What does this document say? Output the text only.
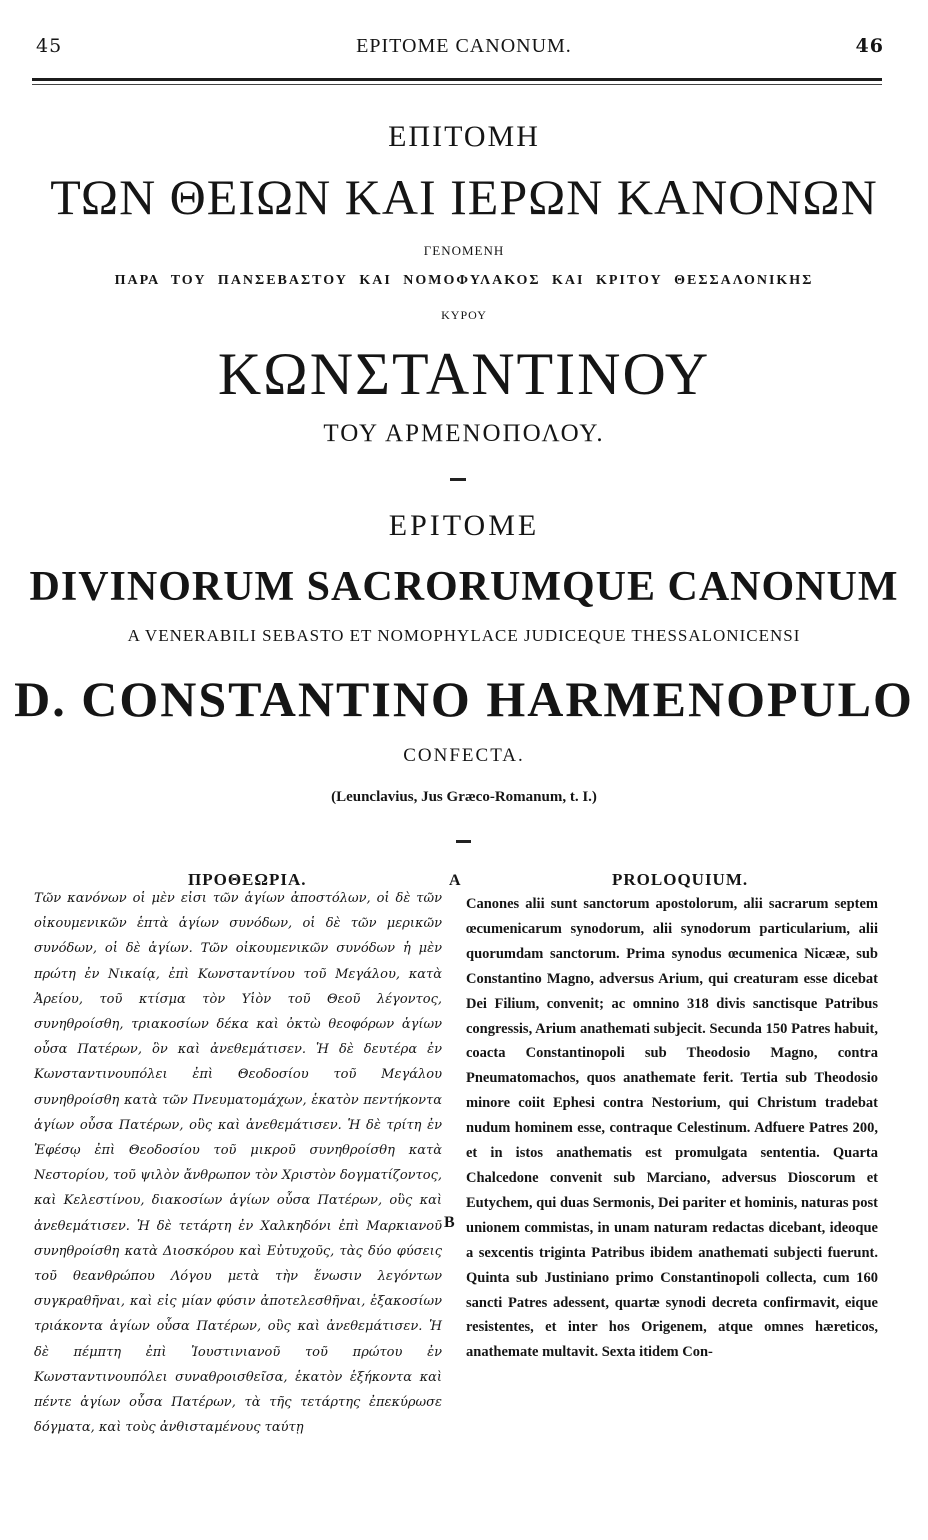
45	EPITOME CANONUM.	46
ΕΠΙΤΟΜΗ
ΤΩΝ ΘΕΙΩΝ ΚΑΙ ΙΕΡΩΝ ΚΑΝΟΝΩΝ
ΓΕΝΟΜΕΝΗ
ΠΑΡΑ ΤΟΥ ΠΑΝΣΕΒΑΣΤΟΥ ΚΑΙ ΝΟΜΟΦΥΛΑΚΟΣ ΚΑΙ ΚΡΙΤΟΥ ΘΕΣΣΑΛΟΝΙΚΗΣ
ΚΥΡΟΥ
ΚΩΝΣΤΑΝΤΙΝΟΥ
ΤΟΥ ΑΡΜΕΝΟΠΟΛΟΥ.
EPITOME
DIVINORUM SACRORUMQUE CANONUM
A VENERABILI SEBASTO ET NOMOPHYLACE JUDICEQUE THESSALONICENSI
D. CONSTANTINO HARMENOPULO
CONFECTA.
(Leunclavius, Jus Græco-Romanum, t. I.)
ΠΡΟΘΕΩΡΙΑ.	PROLOQUIUM.
A
B

Τῶν κανόνων οἱ μὲν εἰσι τῶν ἁγίων ἀποστόλων, οἱ δὲ τῶν οἰκουμενικῶν ἑπτὰ ἁγίων συνόδων, οἱ δὲ τῶν μερικῶν συνόδων, οἱ δὲ ἁγίων. Τῶν οἰκουμενικῶν συνόδων ἡ μὲν πρώτη ἐν Νικαίᾳ, ἐπὶ Κωνσταντίνου τοῦ Μεγάλου, κατὰ Ἀρείου, τοῦ κτίσμα τὸν Υἱὸν τοῦ Θεοῦ λέγοντος, συνηθροίσθη, τριακοσίων δέκα καὶ ὀκτὼ θεοφόρων ἁγίων οὖσα Πατέρων, ὃν καὶ ἀνεθεμάτισεν. Ἡ δὲ δευτέρα ἐν Κωνσταντινουπόλει ἐπὶ Θεοδοσίου τοῦ Μεγάλου συνηθροίσθη κατὰ τῶν Πνευματομάχων, ἑκατὸν πεντήκοντα ἁγίων οὖσα Πατέρων, οὓς καὶ ἀνεθεμάτισεν. Ἡ δὲ τρίτη ἐν Ἐφέσῳ ἐπὶ Θεοδοσίου τοῦ μικροῦ συνηθροίσθη κατὰ Νεστορίου, τοῦ ψιλὸν ἄνθρωπον τὸν Χριστὸν δογματίζοντος, καὶ Κελεστίνου, διακοσίων ἁγίων οὖσα Πατέρων, οὓς καὶ ἀνεθεμάτισεν. Ἡ δὲ τετάρτη ἐν Χαλκηδόνι ἐπὶ Μαρκιανοῦ συνηθροίσθη κατὰ Διοσκόρου καὶ Εὐτυχοῦς, τὰς δύο φύσεις τοῦ θεανθρώπου Λόγου μετὰ τὴν ἕνωσιν λεγόντων συγκραθῆναι, καὶ εἰς μίαν φύσιν ἀποτελεσθῆναι, ἑξακοσίων τριάκοντα ἁγίων οὖσα Πατέρων, οὓς καὶ ἀνεθεμάτισεν. Ἡ δὲ πέμπτη ἐπὶ Ἰουστινιανοῦ τοῦ πρώτου ἐν Κωνσταντινουπόλει συναθροισθεῖσα, ἑκατὸν ἑξήκοντα καὶ πέντε ἁγίων οὖσα Πατέρων, τὰ τῆς τετάρτης ἐπεκύρωσε δόγματα, καὶ τοὺς ἀνθισταμένους ταύτῃ

Canones alii sunt sanctorum apostolorum, alii sacrarum septem œcumenicarum synodorum, alii synodorum particularium, alii quorumdam sanctorum. Prima synodus œcumenica Nicææ, sub Constantino Magno, adversus Arium, qui creaturam esse dicebat Dei Filium, convenit; ac omnino 318 divis sanctisque Patribus congressis, Arium anathemati subjecit. Secunda 150 Patres habuit, coacta Constantinopoli sub Theodosio Magno, contra Pneumatomachos, quos anathemate ferit. Tertia sub Theodosio minore coiit Ephesi contra Nestorium, qui Christum tradebat nudum hominem esse, contraque Celestinum. Adfuere Patres 200, et in istos anathematis est promulgata sententia. Quarta Chalcedone convenit sub Marciano, adversus Dioscorum et Eutychem, qui duas Sermonis, Dei pariter et hominis, naturas post unionem commistas, in unam naturam redactas dicebant, ideoque a sexcentis triginta Patribus ibidem anathemati subjecti fuerunt. Quinta sub Justiniano primo Constantinopoli collecta, cum 160 sancti Patres adessent, quartæ synodi decreta confirmavit, eique resistentes, et inter hos Origenem, atque omnes hæreticos, anathemate multavit. Sexta itidem Con-
